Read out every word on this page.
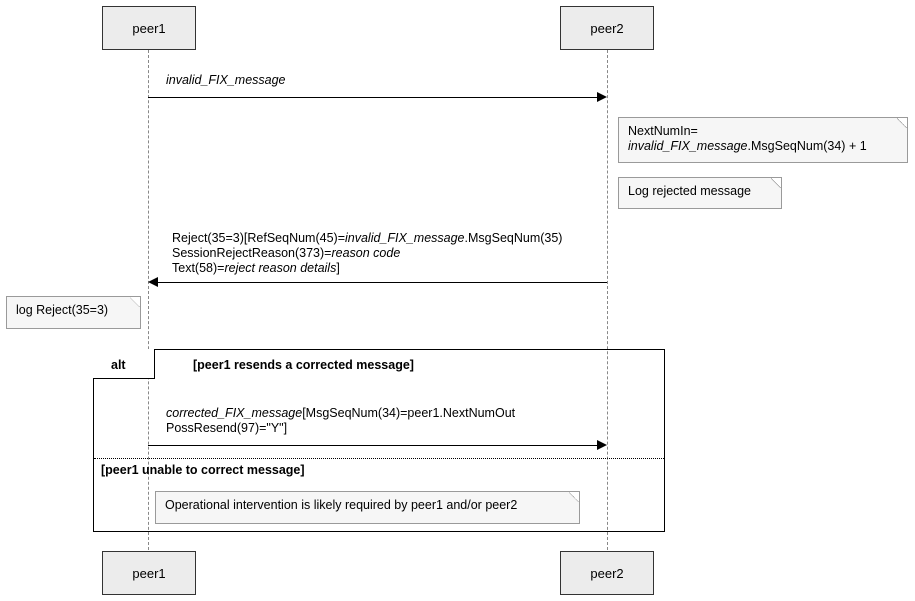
peer1	peer2
invalid_FIX_message
NextNumIn=
invalid_FIX_message.MsgSeqNum(34) + 1
Log rejected message
Reject(35=3)[RefSeqNum(45)=invalid_FIX_message.MsgSeqNum(35)
SessionRejectReason(373)=reason code
Text(58)=reject reason details]
log Reject(35=3)
alt	[peer1 resends a corrected message]
corrected_FIX_message[MsgSeqNum(34)=peer1.NextNumOut
PossResend(97)="Y"]
[peer1 unable to correct message]
Operational intervention is likely required by peer1 and/or peer2
peer1	peer2
